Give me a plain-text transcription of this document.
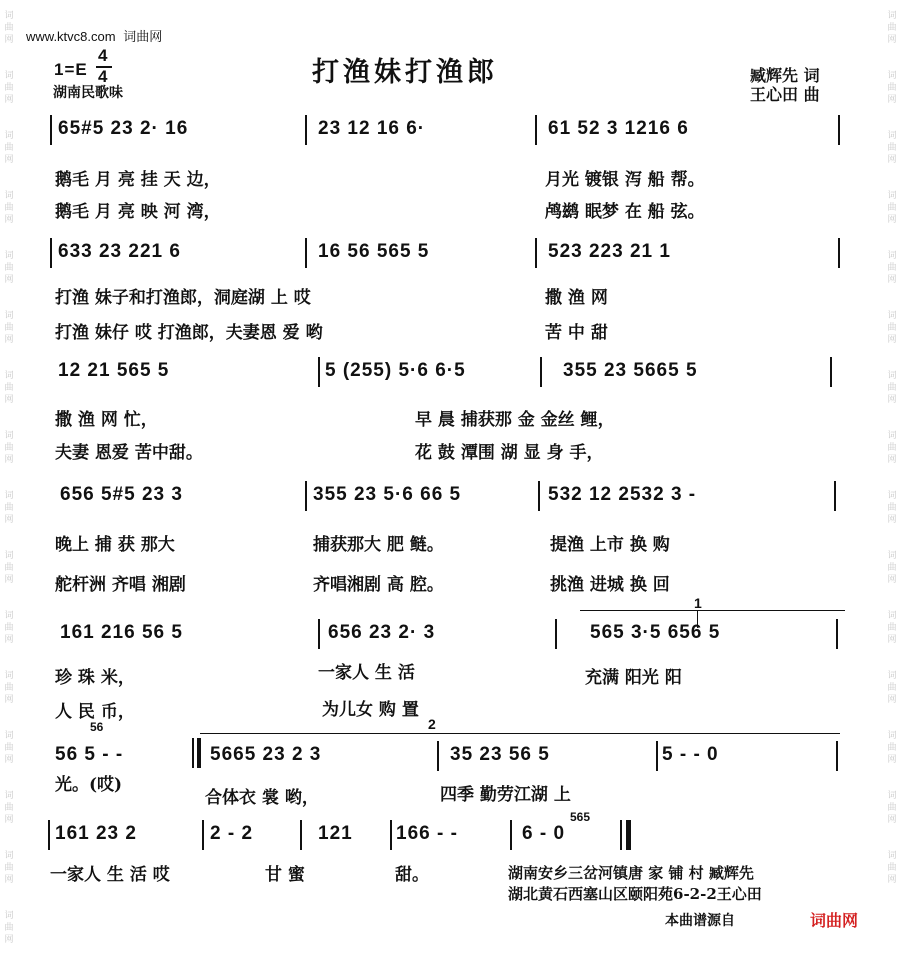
词曲网
词曲网
词曲网
词曲网
词曲网
词曲网
词曲网
词曲网
词曲网
词曲网
词曲网
词曲网
词曲网
词曲网
词曲网
词曲网
词曲网
词曲网
词曲网
词曲网
词曲网
词曲网
词曲网
词曲网
词曲网
词曲网
词曲网
词曲网
词曲网
词曲网
词曲网
www.ktvc8.com 词曲网
1=E
4
4
湖南民歌味
打渔妹打渔郎	臧辉先 词
王心田 曲
65#5 23 2· 16	23 12 16 6·	61 52 3 1216 6
鹅毛 月 亮 挂 天 边，	月光 镀银 泻 船 帮。
鹅毛 月 亮 映 河 湾，	鸬鹚 眠梦 在 船 弦。
633 23 221 6	16 56 565 5	523 223 21 1
打渔 妹子和打渔郎，洞庭湖 上 哎	撒 渔 网
打渔 妹仔 哎 打渔郎，夫妻恩 爱 哟	苦 中 甜
12 21 565 5	5 (255) 5·6 6·5	355 23 5665 5
撒 渔 网 忙，	早 晨 捕获那 金 金丝 鲤，
夫妻 恩爱 苦中甜。	花 鼓 潭围 湖 显 身 手，
656 5#5 23 3	355 23 5·6 66 5	532 12 2532 3 -
晚上 捕 获 那大	捕获那大 肥 鲢。	提渔 上市 换 购
舵杆洲 齐唱 湘剧	齐唱湘剧 高 腔。	挑渔 进城 换 回
1
161 216 56 5	656 23 2· 3	565 3·5 656 5
珍 珠 米，	一家人 生 活	充满 阳光 阳
人 民 币，	为儿女 购 置
2
56
56 5 - -	5665 23 2 3	35 23 56 5	5 - - 0
光。(哎)
合体衣 裳 哟，	四季 勤劳江湖 上
565
161 23 2	2 - 2	121 166 - -	6 - 0
一家人 生 活 哎	甘 蜜	甜。	湖南安乡三岔河镇唐 家 铺 村 臧辉先
湖北黄石西塞山区颐阳苑6-2-2王心田
本曲谱源自	词曲网
